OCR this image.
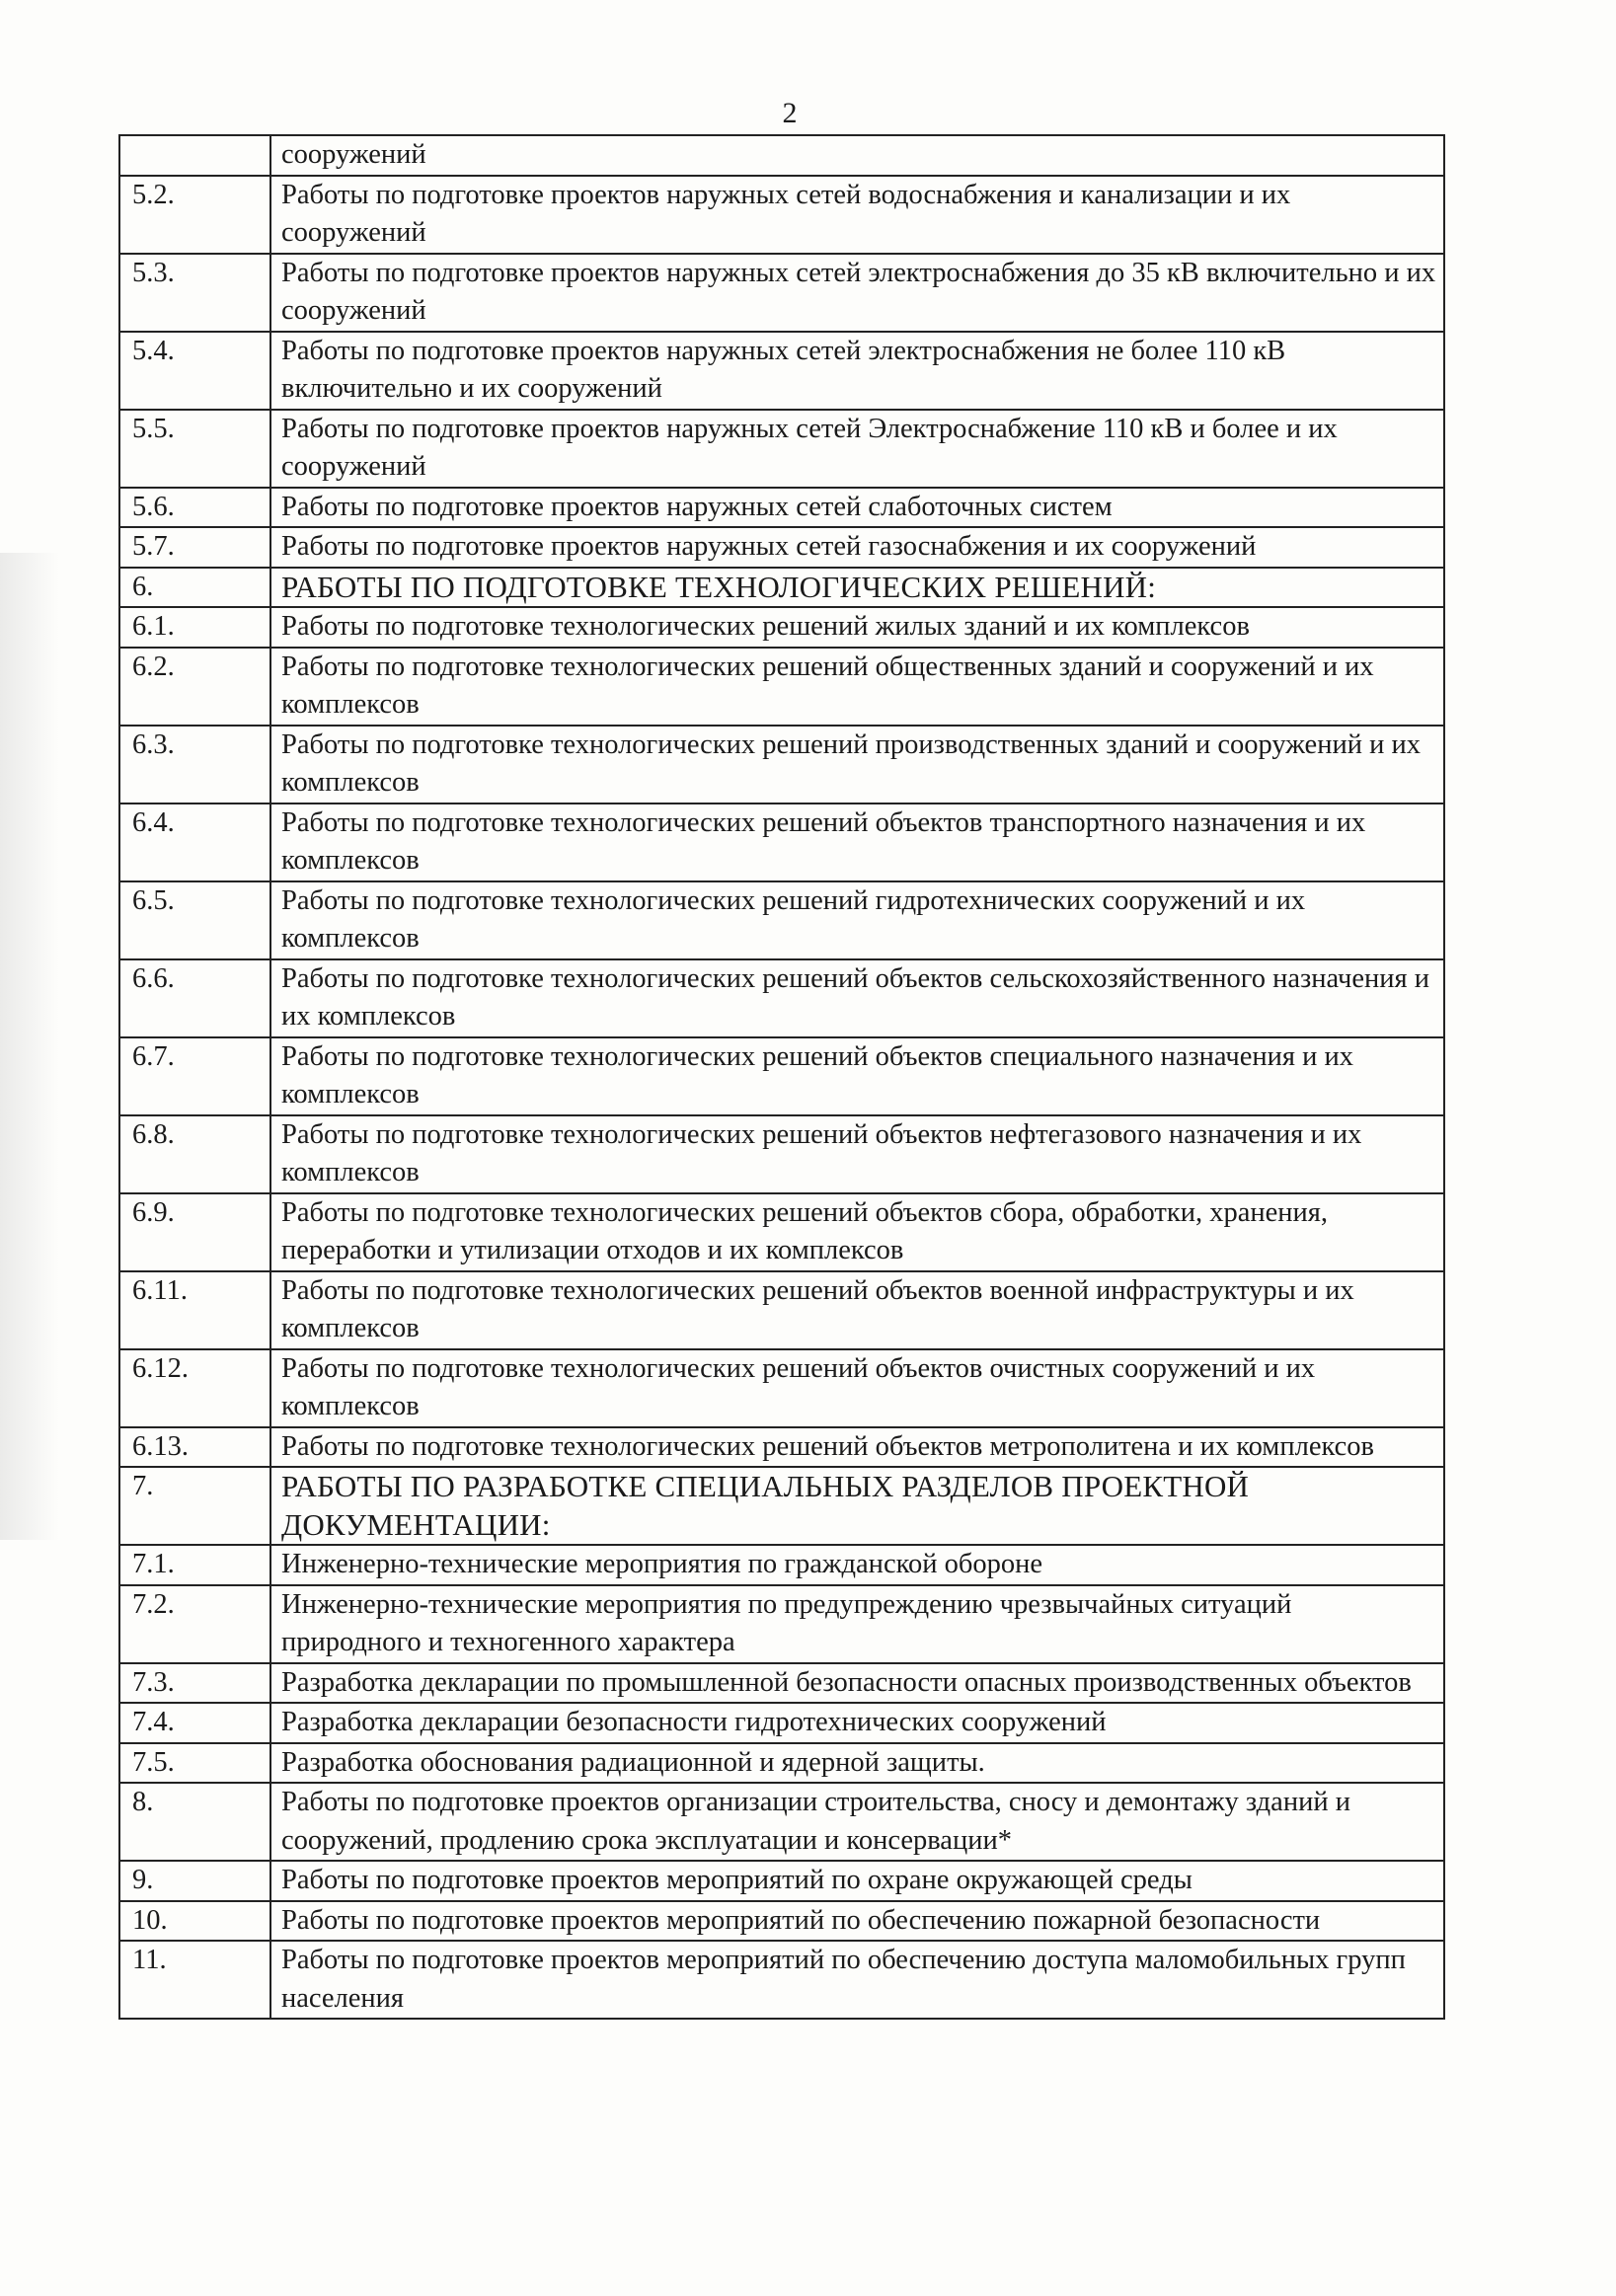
2
	сооружений
5.2.	Работы по подготовке проектов наружных сетей водоснабжения и канализации и их сооружений
5.3.	Работы по подготовке проектов наружных сетей электроснабжения до 35 кВ включительно и их сооружений
5.4.	Работы по подготовке проектов наружных сетей электроснабжения не более 110 кВ включительно и их сооружений
5.5.	Работы по подготовке проектов наружных сетей Электроснабжение 110 кВ и более и их сооружений
5.6.	Работы по подготовке проектов наружных сетей слаботочных систем
5.7.	Работы по подготовке проектов наружных сетей газоснабжения и их сооружений
6.	РАБОТЫ ПО ПОДГОТОВКЕ ТЕХНОЛОГИЧЕСКИХ РЕШЕНИЙ:
6.1.	Работы по подготовке технологических решений жилых зданий и их комплексов
6.2.	Работы по подготовке технологических решений общественных зданий и сооружений и их комплексов
6.3.	Работы по подготовке технологических решений производственных зданий и сооружений и их комплексов
6.4.	Работы по подготовке технологических решений объектов транспортного назначения и их комплексов
6.5.	Работы по подготовке технологических решений гидротехнических сооружений и их комплексов
6.6.	Работы по подготовке технологических решений объектов сельскохозяйственного назначения и их комплексов
6.7.	Работы по подготовке технологических решений объектов специального назначения и их комплексов
6.8.	Работы по подготовке технологических решений объектов нефтегазового назначения и их комплексов
6.9.	Работы по подготовке технологических решений объектов сбора, обработки, хранения, переработки и утилизации отходов и их комплексов
6.11.	Работы по подготовке технологических решений объектов военной инфраструктуры и их комплексов
6.12.	Работы по подготовке технологических решений объектов очистных сооружений и их комплексов
6.13.	Работы по подготовке технологических решений объектов метрополитена и их комплексов
7.	РАБОТЫ ПО РАЗРАБОТКЕ СПЕЦИАЛЬНЫХ РАЗДЕЛОВ ПРОЕКТНОЙ ДОКУМЕНТАЦИИ:
7.1.	Инженерно-технические мероприятия по гражданской обороне
7.2.	Инженерно-технические мероприятия по предупреждению чрезвычайных ситуаций природного и техногенного характера
7.3.	Разработка декларации по промышленной безопасности опасных производственных объектов
7.4.	Разработка декларации безопасности гидротехнических сооружений
7.5.	Разработка обоснования радиационной и ядерной защиты.
8.	Работы по подготовке проектов организации строительства, сносу и демонтажу зданий и сооружений, продлению срока эксплуатации и консервации*
9.	Работы по подготовке проектов мероприятий по охране окружающей среды
10.	Работы по подготовке проектов мероприятий по обеспечению пожарной безопасности
11.	Работы по подготовке проектов мероприятий по обеспечению доступа маломобильных групп населения
